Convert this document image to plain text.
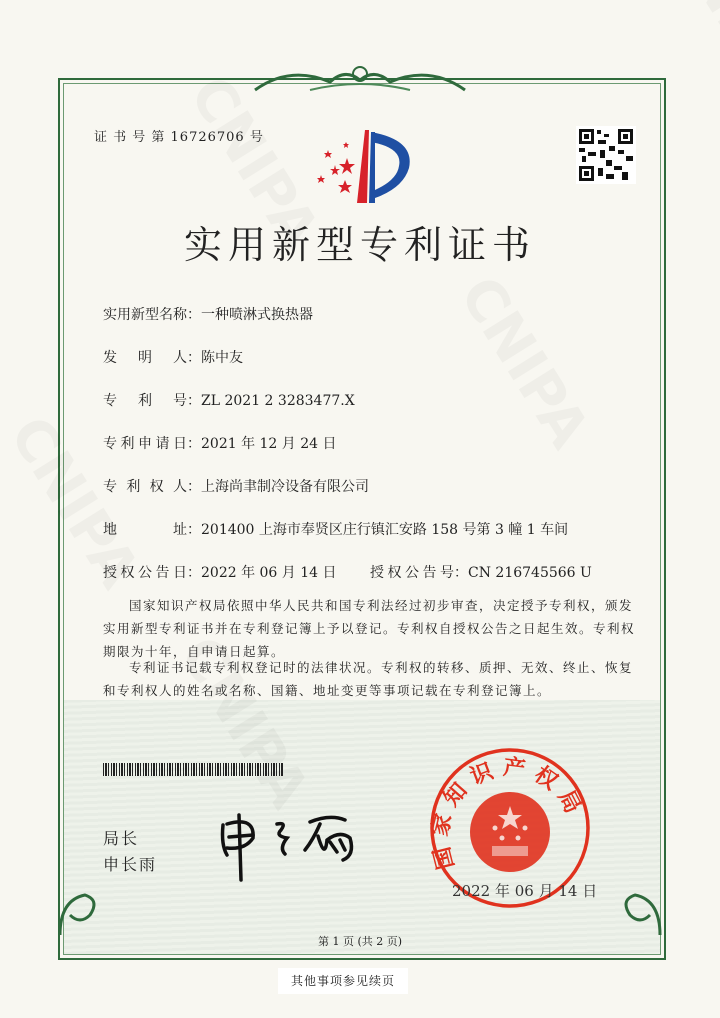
证 书 号 第 16726706 号
实用新型专利证书
实用新型名称：一种喷淋式换热器
发明人：陈中友
专利号：ZL 2021 2 3283477.X
专利申请日：2021 年 12 月 24 日
专利权人：上海尚聿制冷设备有限公司
地址：201400 上海市奉贤区庄行镇汇安路 158 号第 3 幢 1 车间
授权公告日：2022 年 06 月 14 日 授权公告号：CN 216745566 U
国家知识产权局依照中华人民共和国专利法经过初步审查，决定授予专利权，颁发实用新型专利证书并在专利登记簿上予以登记。专利权自授权公告之日起生效。专利权期限为十年，自申请日起算。
专利证书记载专利权登记时的法律状况。专利权的转移、质押、无效、终止、恢复和专利权人的姓名或名称、国籍、地址变更等事项记载在专利登记簿上。
局长
申长雨	国家知识产权局
2022 年 06 月 14 日
第 1 页 (共 2 页)
其他事项参见续页
